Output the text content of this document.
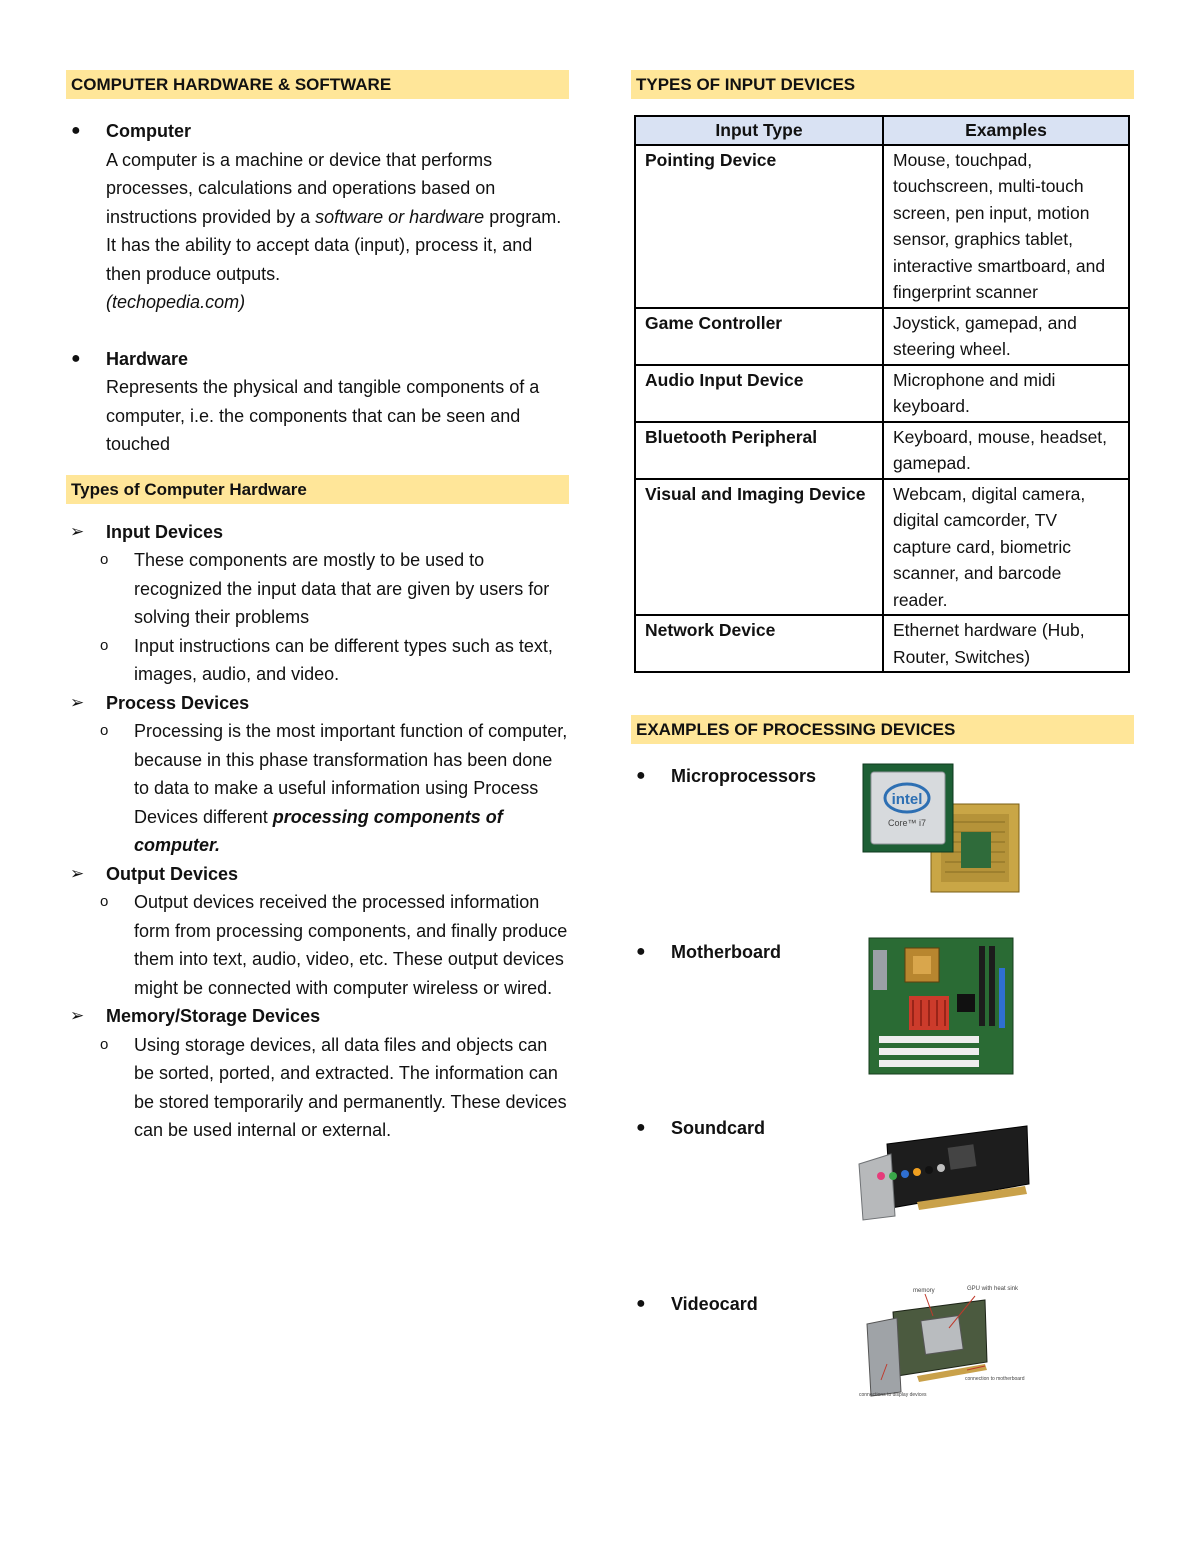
COMPUTER HARDWARE & SOFTWARE
● Computer

A computer is a machine or device that performs processes, calculations and operations based on instructions provided by a software or hardware program. It has the ability to accept data (input), process it, and then produce outputs.

(techopedia.com)

● Hardware

Represents the physical and tangible components of a computer, i.e. the components that can be seen and touched

Types of Computer Hardware
➢ Input Devices
o These components are mostly to be used to recognized the input data that are given by users for solving their problems
o Input instructions can be different types such as text, images, audio, and video.
➢ Process Devices
o Processing is the most important function of computer, because in this phase transformation has been done to data to make a useful information using Process Devices different processing components of computer.
➢ Output Devices
o Output devices received the processed information form from processing components, and finally produce them into text, audio, video, etc. These output devices might be connected with computer wireless or wired.
➢ Memory/Storage Devices
o Using storage devices, all data files and objects can be sorted, ported, and extracted. The information can be stored temporarily and permanently. These devices can be used internal or external.
TYPES OF INPUT DEVICES
Input Type	Examples
Pointing Device	Mouse, touchpad, touchscreen, multi-touch screen, pen input, motion sensor, graphics tablet, interactive smartboard, and fingerprint scanner
Game Controller	Joystick, gamepad, and steering wheel.
Audio Input Device	Microphone and midi keyboard.
Bluetooth Peripheral	Keyboard, mouse, headset, gamepad.
Visual and Imaging Device	Webcam, digital camera, digital camcorder, TV capture card, biometric scanner, and barcode reader.
Network Device	Ethernet hardware (Hub, Router, Switches)
EXAMPLES OF PROCESSING DEVICES
● Microprocessors
intel
Core™ i7
● Motherboard
● Soundcard
● Videocard
memory	GPU with heat sink
connections to display devices
connection to motherboard
